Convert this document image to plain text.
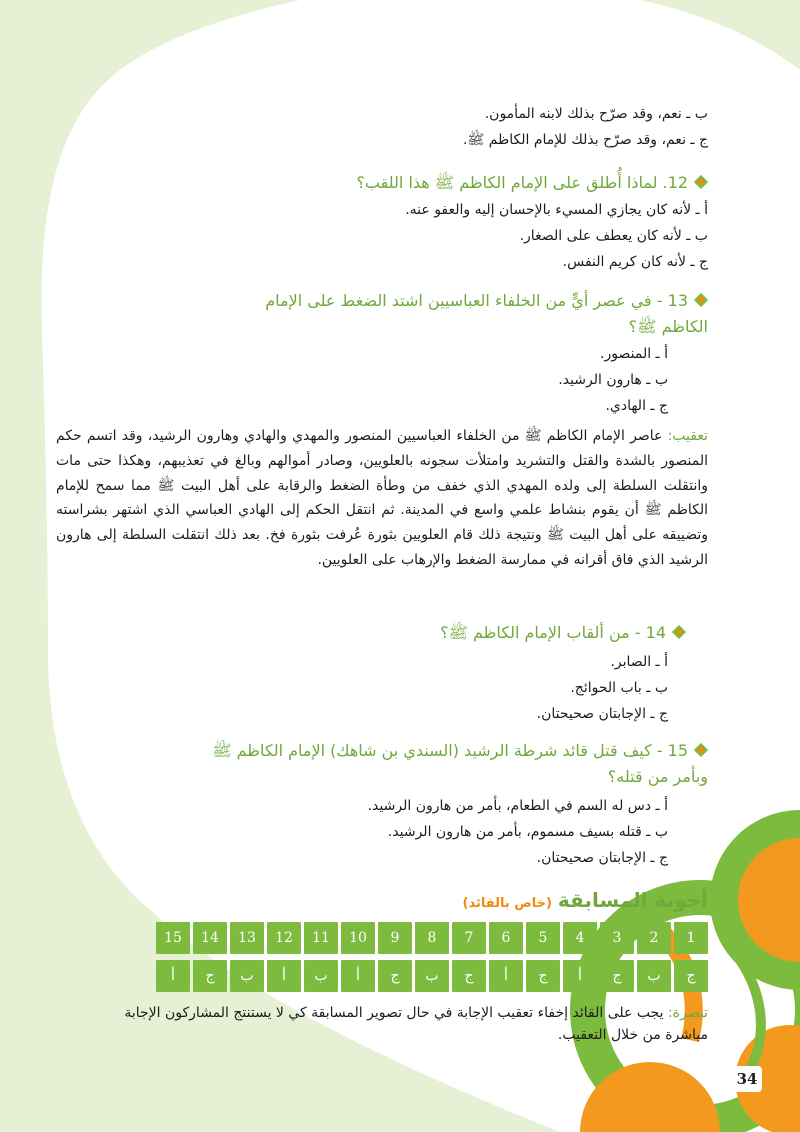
ب ـ نعم، وقد صرّح بذلك لابنه المأمون.
ج ـ نعم، وقد صرّح بذلك للإمام الكاظم ﷺ.
12. لماذا أُطلق على الإمام الكاظم ﷺ هذا اللقب؟
أ ـ لأنه كان يجازي المسيء بالإحسان إليه والعفو عنه.
ب ـ لأنه كان يعطف على الصغار.
ج ـ لأنه كان كريم النفس.
13 - في عصر أيٍّ من الخلفاء العباسيين اشتد الضغط على الإمام
الكاظم ﷺ؟
أ ـ المنصور.
ب ـ هارون الرشيد.
ج ـ الهادي.
تعقيب: عاصر الإمام الكاظم ﷺ من الخلفاء العباسيين المنصور والمهدي والهادي وهارون الرشيد، وقد اتسم حكم المنصور بالشدة والقتل والتشريد وامتلأت سجونه بالعلويين، وصادر أموالهم وبالغ في تعذيبهم، وهكذا حتى مات وانتقلت السلطة إلى ولده المهدي الذي خفف من وطأة الضغط والرقابة على أهل البيت ﷺ مما سمح للإمام الكاظم ﷺ أن يقوم بنشاط علمي واسع في المدينة. ثم انتقل الحكم إلى الهادي العباسي الذي اشتهر بشراسته وتضييقه على أهل البيت ﷺ ونتيجة ذلك قام العلويين بثورة عُرفت بثورة فخ. بعد ذلك انتقلت السلطة إلى هارون الرشيد الذي فاق أقرانه في ممارسة الضغط والإرهاب على العلويين.
14 - من ألقاب الإمام الكاظم ﷺ؟
أ ـ الصابر.
ب ـ باب الحوائج.
ج ـ الإجابتان صحيحتان.
15 - كيف قتل قائد شرطة الرشيد (السندي بن شاهك) الإمام الكاظم ﷺ
وبأمر من قتله؟
أ ـ دس له السم في الطعام، بأمر من هارون الرشيد.
ب ـ قتله بسيف مسموم، بأمر من هارون الرشيد.
ج ـ الإجابتان صحيحتان.
أجوبة المسابقة(خاص بالقائد)
تبصرة: يجب على القائد إخفاء تعقيب الإجابة في حال تصوير المسابقة كي لا يستنتج المشاركون الإجابة مباشرة من خلال التعقيب.
1
2
3
4
5
6
7
8
9
10
11
12
13
14
15
ج
ب
ج
أ
ج
أ
ج
ب
ج
أ
ب
أ
ب
ج
أ
34
